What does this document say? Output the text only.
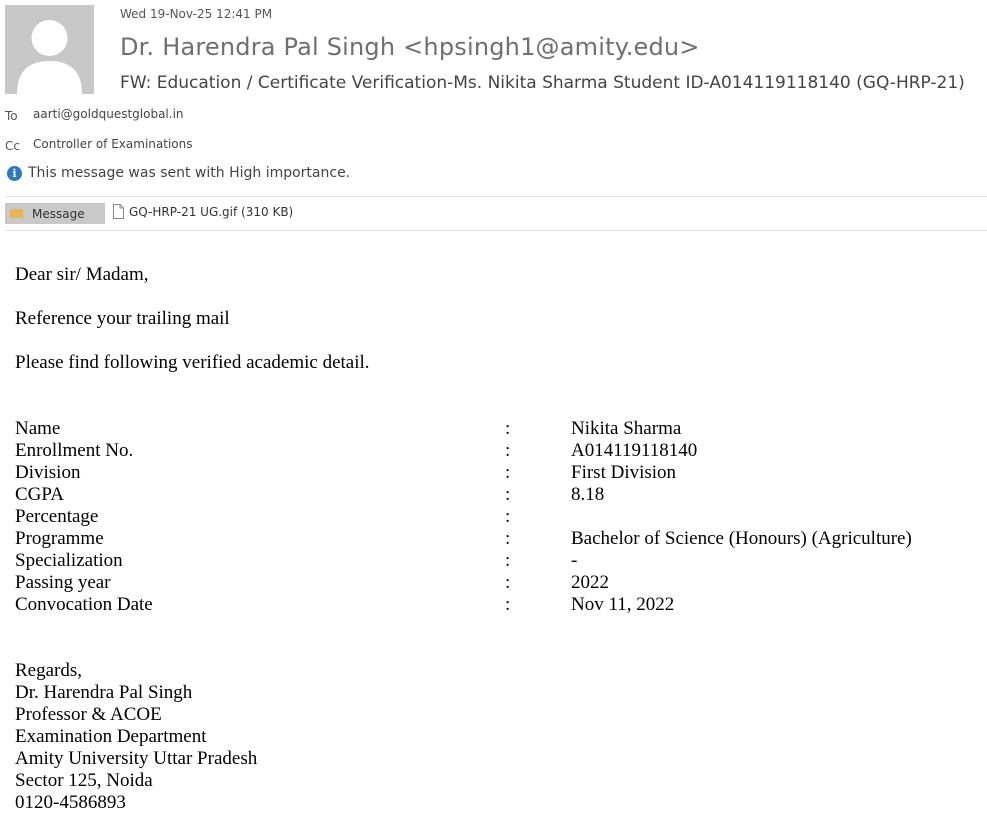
Wed 19-Nov-25 12:41 PM
Dr. Harendra Pal Singh <hpsingh1@amity.edu>
FW: Education / Certificate Verification-Ms. Nikita Sharma Student ID-A014119118140 (GQ-HRP-21)
To aarti@goldquestglobal.in
Cc Controller of Examinations
i This message was sent with High importance.
Message	GQ-HRP-21 UG.gif (310 KB)
Dear sir/ Madam,
Reference your trailing mail
Please find following verified academic detail.
Name	:	Nikita Sharma
Enrollment No.	:	A014119118140
Division	:	First Division
CGPA	:	8.18
Percentage	:
Programme	:	Bachelor of Science (Honours) (Agriculture)
Specialization	:	-
Passing year	:	2022
Convocation Date	:	Nov 11, 2022
Regards,
Dr. Harendra Pal Singh
Professor & ACOE
Examination Department
Amity University Uttar Pradesh
Sector 125, Noida
0120-4586893
